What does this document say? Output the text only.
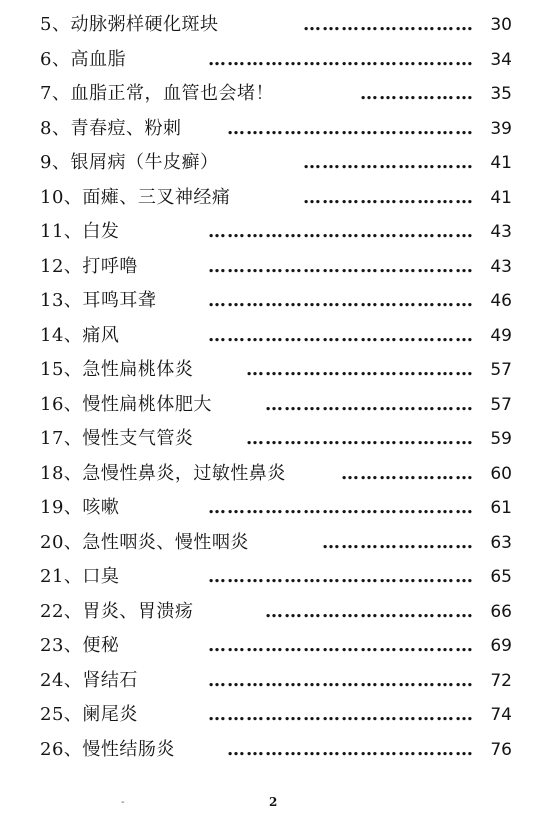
5、动脉粥样硬化斑块	……………………… 30
6、高血脂	…………………………………… 34
7、血脂正常，血管也会堵！	……………… 35
8、青春痘、粉刺	………………………………… 39
9、银屑病（牛皮癣）	……………………… 41
10、面瘫、三叉神经痛	……………………… 41
11、白发	…………………………………… 43
12、打呼噜	…………………………………… 43
13、耳鸣耳聋	…………………………………… 46
14、痛风	…………………………………… 49
15、急性扁桃体炎	……………………………… 57
16、慢性扁桃体肥大	…………………………… 57
17、慢性支气管炎	……………………………… 59
18、急慢性鼻炎，过敏性鼻炎	………………… 60
19、咳嗽	…………………………………… 61
20、急性咽炎、慢性咽炎	…………………… 63
21、口臭	…………………………………… 65
22、胃炎、胃溃疡	…………………………… 66
23、便秘	…………………………………… 69
24、肾结石	…………………………………… 72
25、阑尾炎	…………………………………… 74
26、慢性结肠炎	………………………………… 76
-	2
